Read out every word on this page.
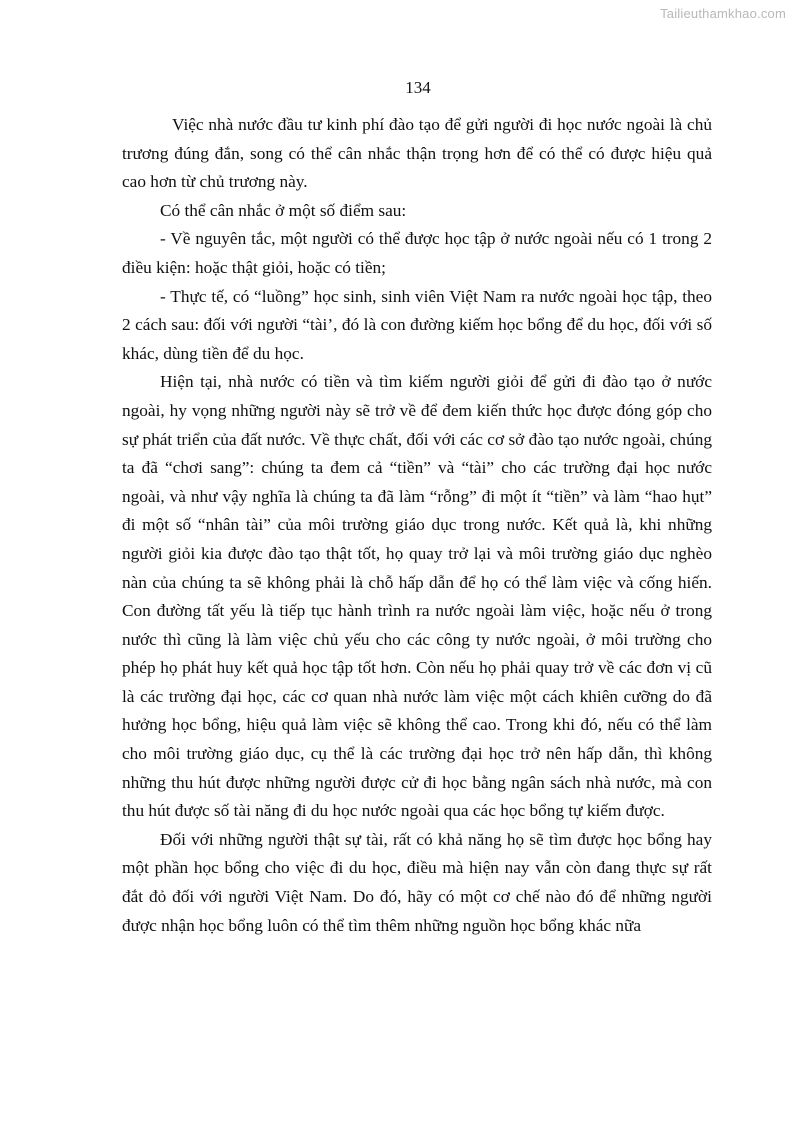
Tailieuthamkhao.com
134

Việc nhà nước đầu tư kinh phí đào tạo để gửi người đi học nước ngoài là chủ trương đúng đắn, song có thể cân nhắc thận trọng hơn để có thể có được hiệu quả cao hơn từ chủ trương này.

Có thể cân nhắc ở một số điểm sau:

- Về nguyên tắc, một người có thể được học tập ở nước ngoài nếu có 1 trong 2 điều kiện: hoặc thật giỏi, hoặc có tiền;

- Thực tế, có “luồng” học sinh, sinh viên Việt Nam ra nước ngoài học tập, theo 2 cách sau: đối với người “tài’, đó là con đường kiếm học bổng để du học, đối với số khác, dùng tiền để du học.

Hiện tại, nhà nước có tiền và tìm kiếm người giỏi để gửi đi đào tạo ở nước ngoài, hy vọng những người này sẽ trở về để đem kiến thức học được đóng góp cho sự phát triển của đất nước. Về thực chất, đối với các cơ sở đào tạo nước ngoài, chúng ta đã “chơi sang”: chúng ta đem cả “tiền” và “tài” cho các trường đại học nước ngoài, và như vậy nghĩa là chúng ta đã làm “rỗng” đi một ít “tiền” và làm “hao hụt” đi một số “nhân tài” của môi trường giáo dục trong nước. Kết quả là, khi những người giỏi kia được đào tạo thật tốt, họ quay trở lại và môi trường giáo dục nghèo nàn của chúng ta sẽ không phải là chỗ hấp dẫn để họ có thể làm việc và cống hiến. Con đường tất yếu là tiếp tục hành trình ra nước ngoài làm việc, hoặc nếu ở trong nước thì cũng là làm việc chủ yếu cho các công ty nước ngoài, ở môi trường cho phép họ phát huy kết quả học tập tốt hơn. Còn nếu họ phải quay trở về các đơn vị cũ là các trường đại học, các cơ quan nhà nước làm việc một cách khiên cưỡng do đã hưởng học bổng, hiệu quả làm việc sẽ không thể cao. Trong khi đó, nếu có thể làm cho môi trường giáo dục, cụ thể là các trường đại học trở nên hấp dẫn, thì không những thu hút được những người được cử đi học bằng ngân sách nhà nước, mà con thu hút được số tài năng đi du học nước ngoài qua các học bổng tự kiếm được.

Đối với những người thật sự tài, rất có khả năng họ sẽ tìm được học bổng hay một phần học bổng cho việc đi du học, điều mà hiện nay vẫn còn đang thực sự rất đắt đỏ đối với người Việt Nam. Do đó, hãy có một cơ chế nào đó để những người được nhận học bổng luôn có thể tìm thêm những nguồn học bổng khác nữa
